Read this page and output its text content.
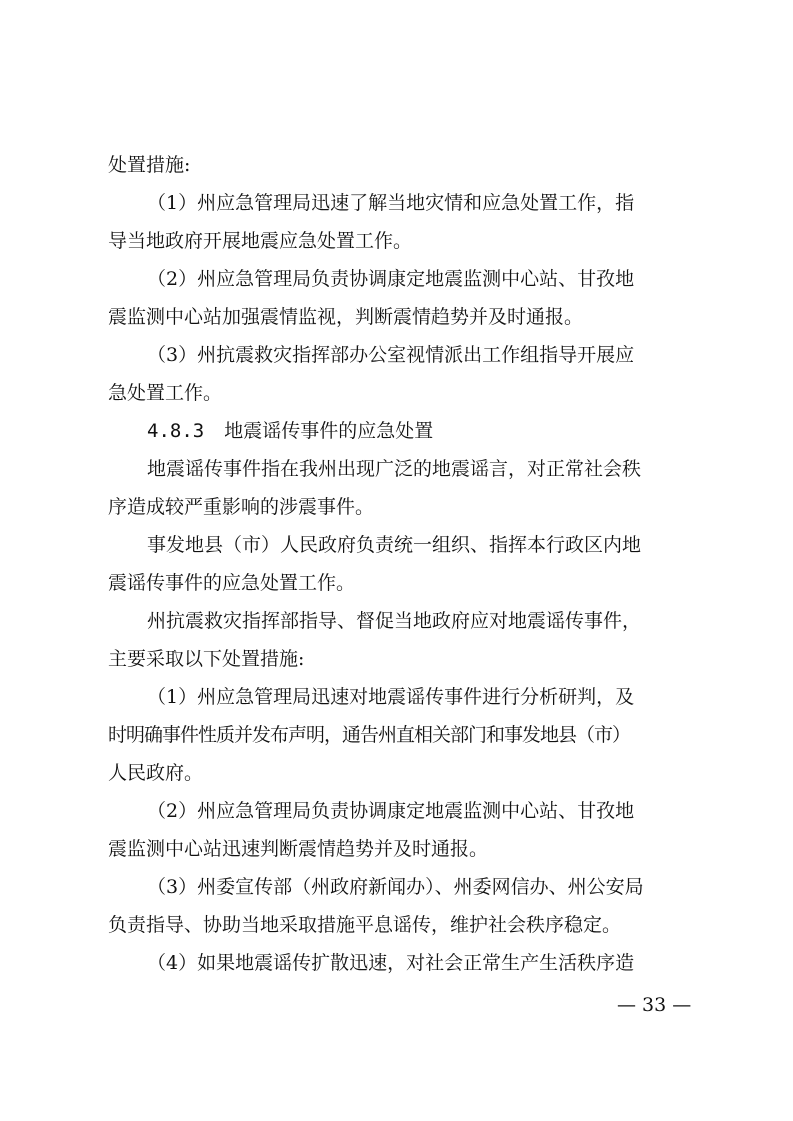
处置措施:
（1）州应急管理局迅速了解当地灾情和应急处置工作，指
导当地政府开展地震应急处置工作。
（2）州应急管理局负责协调康定地震监测中心站、甘孜地
震监测中心站加强震情监视，判断震情趋势并及时通报。
（3）州抗震救灾指挥部办公室视情派出工作组指导开展应
急处置工作。
4.8.3 地震谣传事件的应急处置
地震谣传事件指在我州出现广泛的地震谣言，对正常社会秩
序造成较严重影响的涉震事件。
事发地县（市）人民政府负责统一组织、指挥本行政区内地
震谣传事件的应急处置工作。
州抗震救灾指挥部指导、督促当地政府应对地震谣传事件，
主要采取以下处置措施:
（1）州应急管理局迅速对地震谣传事件进行分析研判，及
时明确事件性质并发布声明，通告州直相关部门和事发地县（市）
人民政府。
（2）州应急管理局负责协调康定地震监测中心站、甘孜地
震监测中心站迅速判断震情趋势并及时通报。
（3）州委宣传部（州政府新闻办）、州委网信办、州公安局
负责指导、协助当地采取措施平息谣传，维护社会秩序稳定。
（4）如果地震谣传扩散迅速，对社会正常生产生活秩序造
— 33 —
